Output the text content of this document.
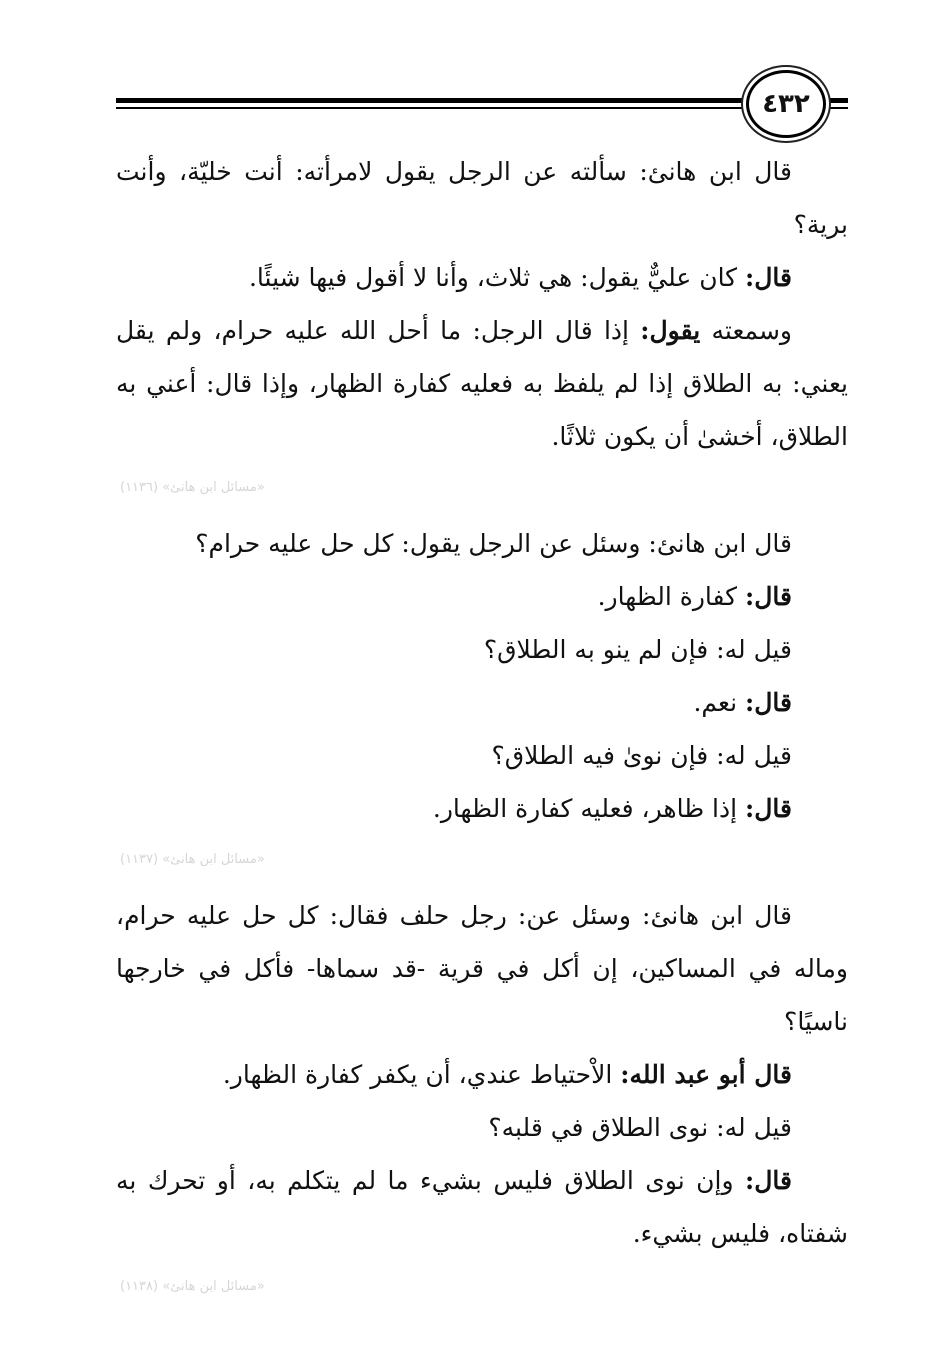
٤٣٢

قال ابن هانئ: سألته عن الرجل يقول لامرأته: أنت خليّة، وأنت برية؟

قال: كان عليٌّ يقول: هي ثلاث، وأنا لا أقول فيها شيئًا.

وسمعته يقول: إذا قال الرجل: ما أحل الله عليه حرام، ولم يقل يعني: به الطلاق إذا لم يلفظ به فعليه كفارة الظهار، وإذا قال: أعني به الطلاق، أخشىٰ أن يكون ثلاثًا.

«مسائل ابن هانئ» (١١٣٦)

قال ابن هانئ: وسئل عن الرجل يقول: كل حل عليه حرام؟

قال: كفارة الظهار.

قيل له: فإن لم ينو به الطلاق؟

قال: نعم.

قيل له: فإن نوىٰ فيه الطلاق؟

قال: إذا ظاهر، فعليه كفارة الظهار.

«مسائل ابن هانئ» (١١٣٧)

قال ابن هانئ: وسئل عن: رجل حلف فقال: كل حل عليه حرام، وماله في المساكين، إن أكل في قرية -قد سماها- فأكل في خارجها ناسيًا؟

قال أبو عبد الله: الاْحتياط عندي، أن يكفر كفارة الظهار.

قيل له: نوى الطلاق في قلبه؟

قال: وإن نوى الطلاق فليس بشيء ما لم يتكلم به، أو تحرك به شفتاه، فليس بشيء.

«مسائل ابن هانئ» (١١٣٨)
